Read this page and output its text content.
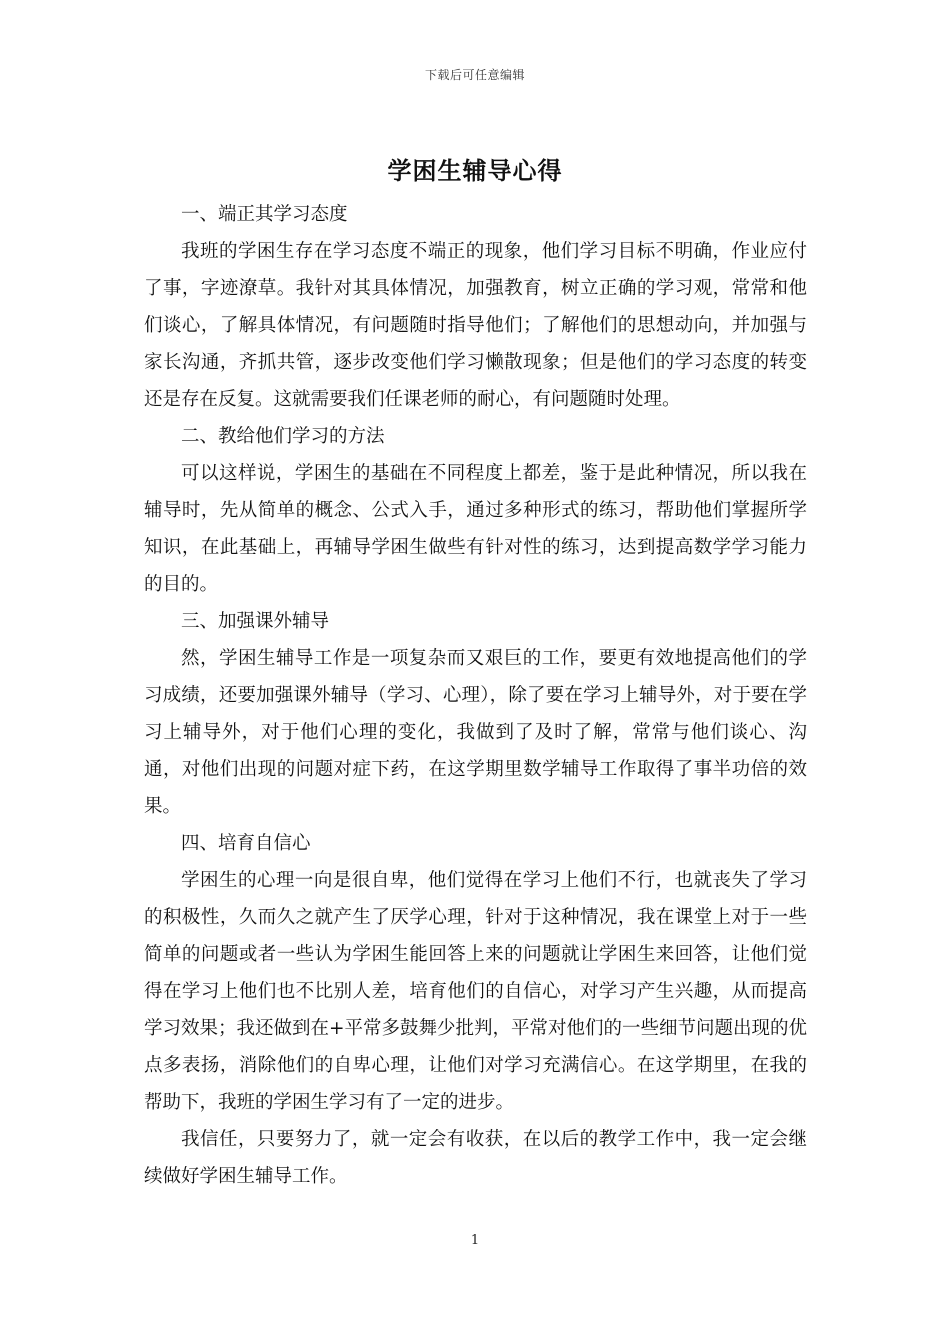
下载后可任意编辑
学困生辅导心得

一、端正其学习态度

我班的学困生存在学习态度不端正的现象，他们学习目标不明确，作业应付了事，字迹潦草。我针对其具体情况，加强教育，树立正确的学习观，常常和他们谈心，了解具体情况，有问题随时指导他们；了解他们的思想动向，并加强与家长沟通，齐抓共管，逐步改变他们学习懒散现象；但是他们的学习态度的转变还是存在反复。这就需要我们任课老师的耐心，有问题随时处理。

二、教给他们学习的方法

可以这样说，学困生的基础在不同程度上都差，鉴于是此种情况，所以我在辅导时，先从简单的概念、公式入手，通过多种形式的练习，帮助他们掌握所学知识，在此基础上，再辅导学困生做些有针对性的练习，达到提高数学学习能力的目的。

三、加强课外辅导

然，学困生辅导工作是一项复杂而又艰巨的工作，要更有效地提高他们的学习成绩，还要加强课外辅导（学习、心理），除了要在学习上辅导外，对于要在学习上辅导外，对于他们心理的变化，我做到了及时了解，常常与他们谈心、沟通，对他们出现的问题对症下药，在这学期里数学辅导工作取得了事半功倍的效果。

四、培育自信心

学困生的心理一向是很自卑，他们觉得在学习上他们不行，也就丧失了学习的积极性，久而久之就产生了厌学心理，针对于这种情况，我在课堂上对于一些简单的问题或者一些认为学困生能回答上来的问题就让学困生来回答，让他们觉得在学习上他们也不比别人差，培育他们的自信心，对学习产生兴趣，从而提高学习效果；我还做到在+平常多鼓舞少批判，平常对他们的一些细节问题出现的优点多表扬，消除他们的自卑心理，让他们对学习充满信心。在这学期里，在我的帮助下，我班的学困生学习有了一定的进步。

我信任，只要努力了，就一定会有收获，在以后的教学工作中，我一定会继续做好学困生辅导工作。

1
